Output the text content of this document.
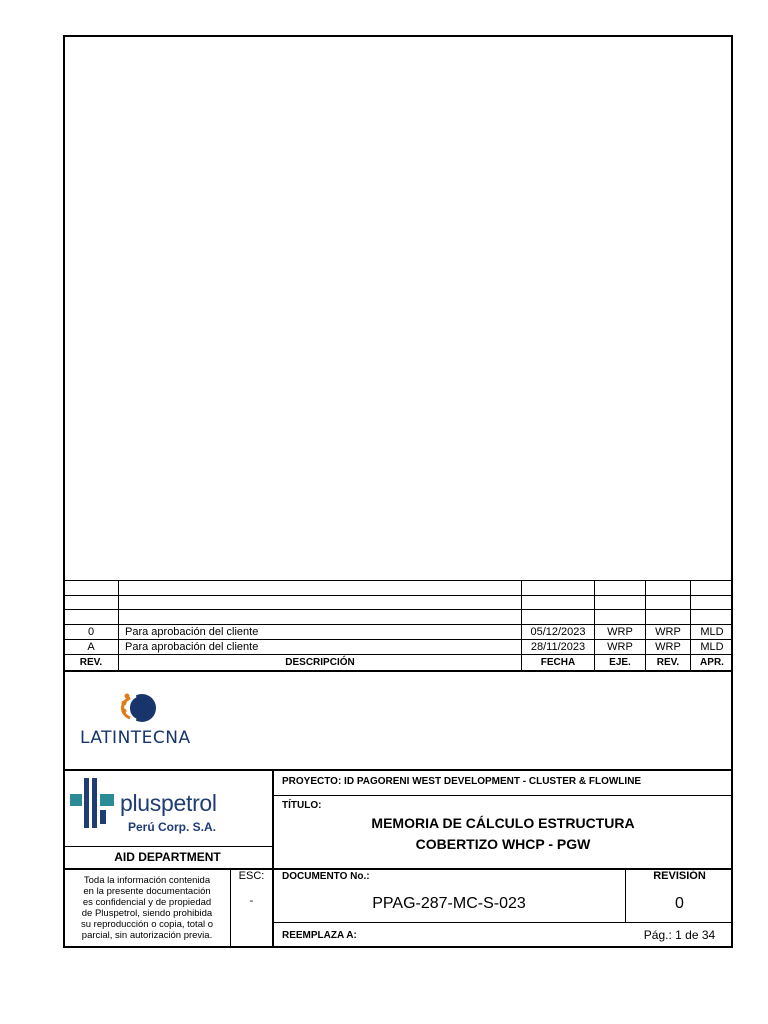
0	Para aprobación del cliente	05/12/2023	WRP	WRP	MLD
A	Para aprobación del cliente	28/11/2023	WRP	WRP	MLD
REV.	DESCRIPCIÓN	FECHA	EJE.	REV.	APR.
LATINTECNA
pluspetrol
Perú Corp. S.A.
AID DEPARTMENT
Toda la información contenida
en la presente documentación
es confidencial y de propiedad
de Pluspetrol, siendo prohibida
su reproducción o copia, total o
parcial, sin autorización previa.
ESC:
-
PROYECTO: ID PAGORENI WEST DEVELOPMENT - CLUSTER & FLOWLINE
TÍTULO:
MEMORIA DE CÁLCULO ESTRUCTURA
COBERTIZO WHCP - PGW
DOCUMENTO No.:
PPAG-287-MC-S-023
REVISIÓN
0
REEMPLAZA A:	Pág.: 1 de 34
